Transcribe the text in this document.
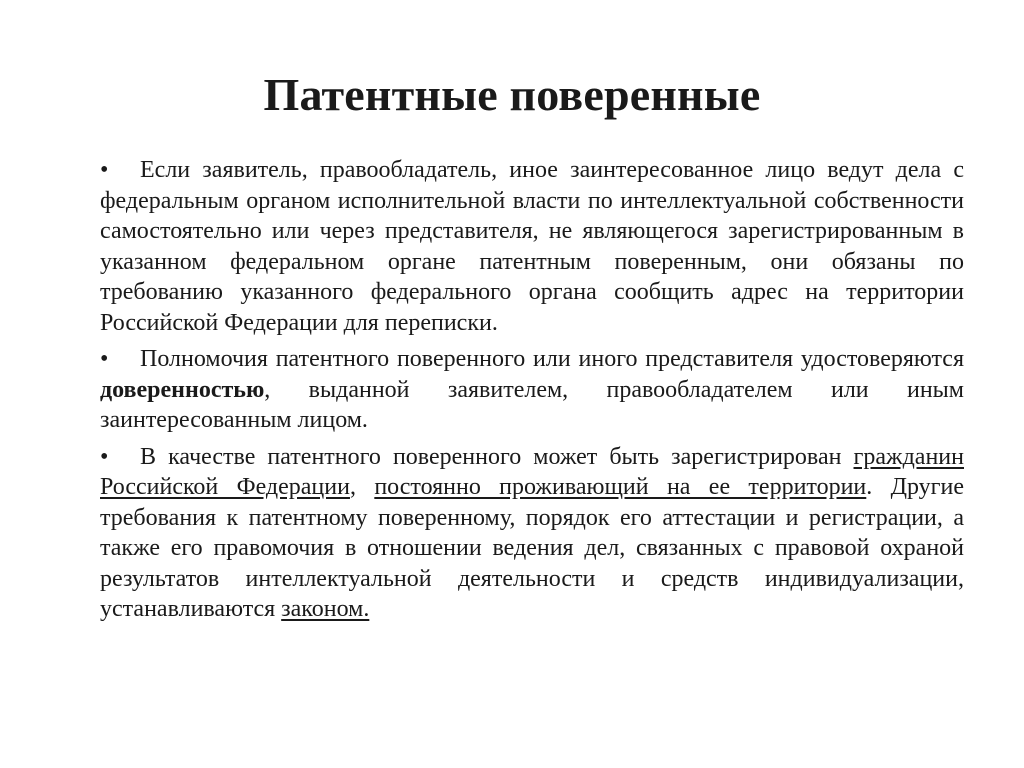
Патентные поверенные

• Если заявитель, правообладатель, иное заинтересованное лицо ведут дела с федеральным органом исполнительной власти по интеллектуальной собственности самостоятельно или через представителя, не являющегося зарегистрированным в указанном федеральном органе патентным поверенным, они обязаны по требованию указанного федерального органа сообщить адрес на территории Российской Федерации для переписки.

• Полномочия патентного поверенного или иного представителя удостоверяются доверенностью, выданной заявителем, правообладателем или иным заинтересованным лицом.

• В качестве патентного поверенного может быть зарегистрирован гражданин Российской Федерации, постоянно проживающий на ее территории. Другие требования к патентному поверенному, порядок его аттестации и регистрации, а также его правомочия в отношении ведения дел, связанных с правовой охраной результатов интеллектуальной деятельности и средств индивидуализации, устанавливаются законом.
